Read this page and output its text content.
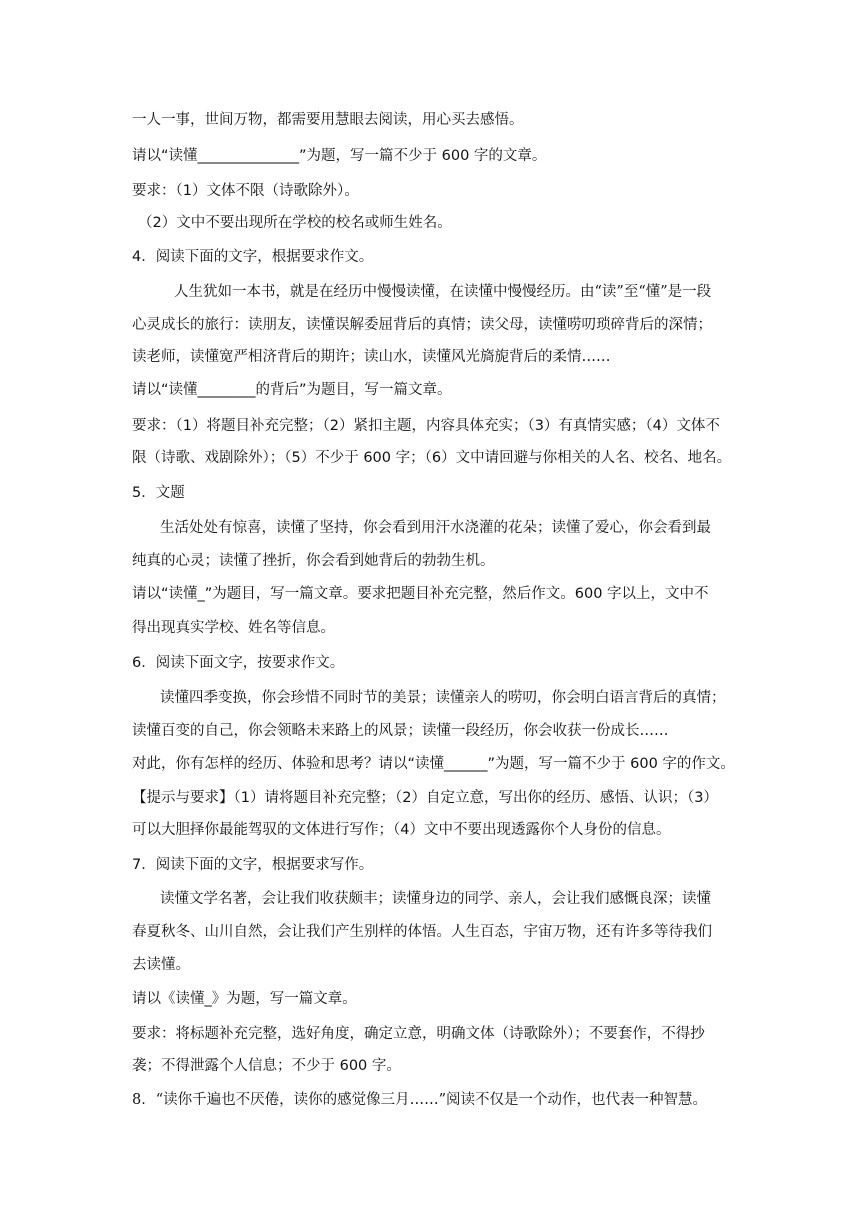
一人一事，世间万物，都需要用慧眼去阅读，用心买去感悟。
请以“读懂______________”为题，写一篇不少于 600 字的文章。
要求：（1）文体不限（诗歌除外）。
（2）文中不要出现所在学校的校名或师生姓名。
4．阅读下面的文字，根据要求作文。
人生犹如一本书，就是在经历中慢慢读懂，在读懂中慢慢经历。由“读”至“懂”是一段
心灵成长的旅行：读朋友，读懂误解委屈背后的真情；读父母，读懂唠叨琐碎背后的深情；
读老师，读懂宽严相济背后的期许；读山水，读懂风光旖旎背后的柔情……
请以“读懂________的背后”为题目，写一篇文章。
要求：（1）将题目补充完整；（2）紧扣主题，内容具体充实；（3）有真情实感；（4）文体不
限（诗歌、戏剧除外）；（5）不少于 600 字；（6）文中请回避与你相关的人名、校名、地名。
5．文题
生活处处有惊喜，读懂了坚持，你会看到用汗水浇灌的花朵；读懂了爱心，你会看到最
纯真的心灵；读懂了挫折，你会看到她背后的勃勃生机。
请以“读懂_”为题目，写一篇文章。要求把题目补充完整，然后作文。600 字以上，文中不
得出现真实学校、姓名等信息。
6．阅读下面文字，按要求作文。
读懂四季变换，你会珍惜不同时节的美景；读懂亲人的唠叨，你会明白语言背后的真情；
读懂百变的自己，你会领略未来路上的风景；读懂一段经历，你会收获一份成长……
对此，你有怎样的经历、体验和思考？请以“读懂______”为题，写一篇不少于 600 字的作文。
【提示与要求】（1）请将题目补充完整；（2）自定立意，写出你的经历、感悟、认识；（3）
可以大胆择你最能驾驭的文体进行写作；（4）文中不要出现透露你个人身份的信息。
7．阅读下面的文字，根据要求写作。
读懂文学名著，会让我们收获颇丰；读懂身边的同学、亲人，会让我们感慨良深；读懂
春夏秋冬、山川自然，会让我们产生别样的体悟。人生百态，宇宙万物，还有许多等待我们
去读懂。
请以《读懂_》为题，写一篇文章。
要求：将标题补充完整，选好角度，确定立意，明确文体（诗歌除外）；不要套作，不得抄
袭；不得泄露个人信息；不少于 600 字。
8．“读你千遍也不厌倦，读你的感觉像三月……”阅读不仅是一个动作，也代表一种智慧。
